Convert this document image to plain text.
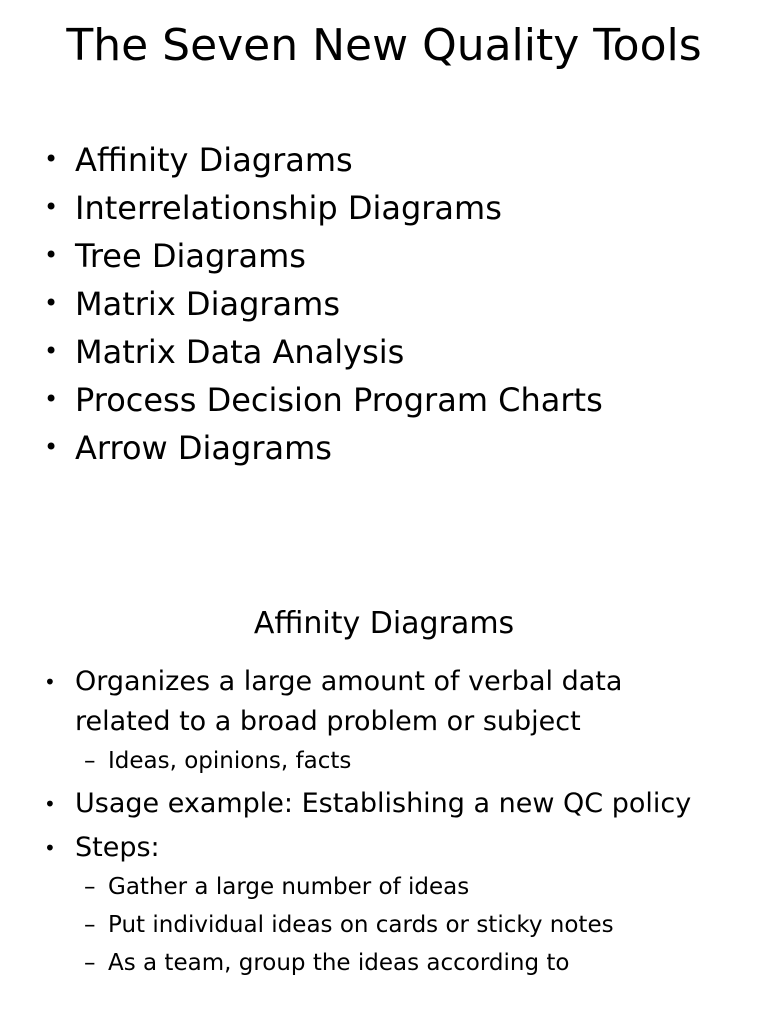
The Seven New Quality Tools
• Affinity Diagrams
• Interrelationship Diagrams
• Tree Diagrams
• Matrix Diagrams
• Matrix Data Analysis
• Process Decision Program Charts
• Arrow Diagrams
Affinity Diagrams
• Organizes a large amount of verbal data related to a broad problem or subject
– Ideas, opinions, facts
• Usage example: Establishing a new QC policy
• Steps:
– Gather a large number of ideas
– Put individual ideas on cards or sticky notes
– As a team, group the ideas according to
